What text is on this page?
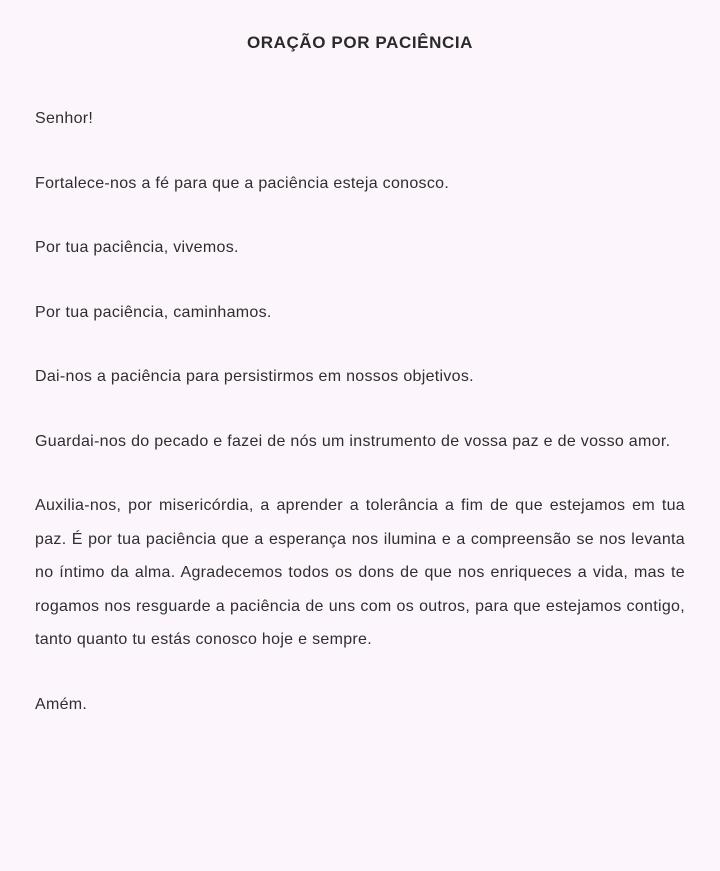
ORAÇÃO POR PACIÊNCIA

Senhor!

Fortalece-nos a fé para que a paciência esteja conosco.

Por tua paciência, vivemos.

Por tua paciência, caminhamos.

Dai-nos a paciência para persistirmos em nossos objetivos.

Guardai-nos do pecado e fazei de nós um instrumento de vossa paz e de vosso amor.

Auxilia-nos, por misericórdia, a aprender a tolerância a fim de que estejamos em tua paz. É por tua paciência que a esperança nos ilumina e a compreensão se nos levanta no íntimo da alma. Agradecemos todos os dons de que nos enriqueces a vida, mas te rogamos nos resguarde a paciência de uns com os outros, para que estejamos contigo, tanto quanto tu estás conosco hoje e sempre.

Amém.
